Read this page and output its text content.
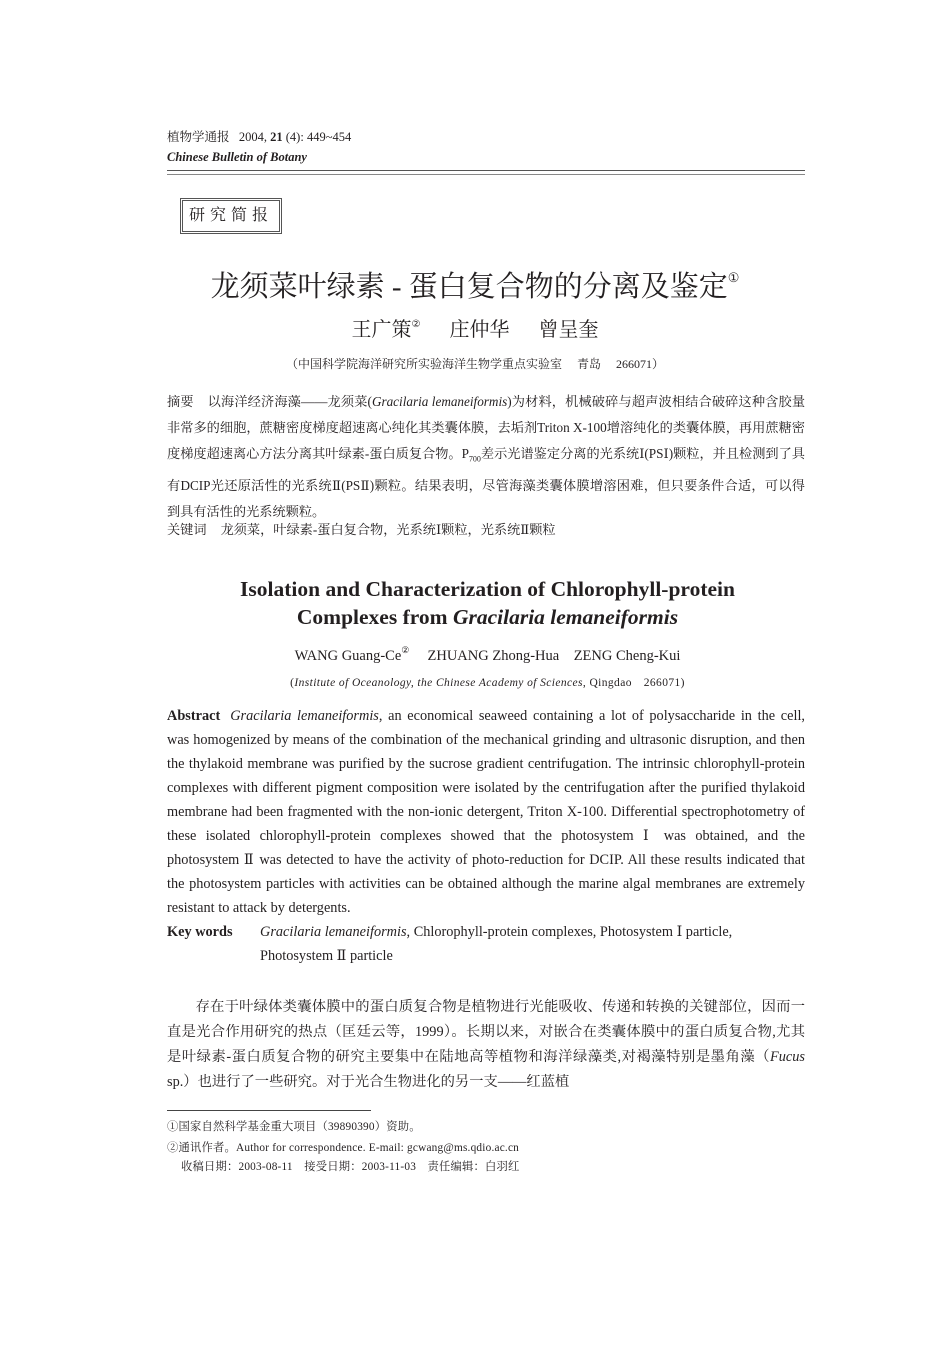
植物学通报 2004, 21 (4): 449~454
Chinese Bulletin of Botany
研究简报
龙须菜叶绿素 - 蛋白复合物的分离及鉴定①
王广策② 庄仲华 曾呈奎
（中国科学院海洋研究所实验海洋生物学重点实验室　 青岛　 266071）
摘要 以海洋经济海藻——龙须菜(Gracilaria lemaneiformis)为材料，机械破碎与超声波相结合破碎这种含胶量非常多的细胞，蔗糖密度梯度超速离心纯化其类囊体膜，去垢剂Triton X-100增溶纯化的类囊体膜，再用蔗糖密度梯度超速离心方法分离其叶绿素-蛋白质复合物。$P_{700}$差示光谱鉴定分离的光系统Ⅰ(PSⅠ)颗粒，并且检测到了具有DCIP光还原活性的光系统Ⅱ(PSⅡ)颗粒。结果表明，尽管海藻类囊体膜增溶困难，但只要条件合适，可以得到具有活性的光系统颗粒。
关键词 龙须菜，叶绿素-蛋白复合物，光系统Ⅰ颗粒，光系统Ⅱ颗粒
Isolation and Characterization of Chlorophyll-protein
Complexes from Gracilaria lemaneiformis
WANG Guang-Ce② ZHUANG Zhong-Hua ZENG Cheng-Kui
(Institute of Oceanology, the Chinese Academy of Sciences, Qingdao　266071)
Abstract Gracilaria lemaneiformis, an economical seaweed containing a lot of polysaccharide in the cell, was homogenized by means of the combination of the mechanical grinding and ultrasonic disruption, and then the thylakoid membrane was purified by the sucrose gradient centrifugation. The intrinsic chlorophyll-protein complexes with different pigment composition were isolated by the centrifugation after the purified thylakoid membrane had been fragmented with the non-ionic detergent, Triton X-100. Differential spectrophotometry of these isolated chlorophyll-protein complexes showed that the photosystem Ⅰ was obtained, and the photosystem Ⅱ was detected to have the activity of photo-reduction for DCIP. All these results indicated that the photosystem particles with activities can be obtained although the marine algal membranes are extremely resistant to attack by detergents.
Key words	Gracilaria lemaneiformis, Chlorophyll-protein complexes, Photosystem Ⅰ particle, Photosystem Ⅱ particle
存在于叶绿体类囊体膜中的蛋白质复合物是植物进行光能吸收、传递和转换的关键部位，因而一直是光合作用研究的热点（匡廷云等，1999）。长期以来，对嵌合在类囊体膜中的蛋白质复合物,尤其是叶绿素-蛋白质复合物的研究主要集中在陆地高等植物和海洋绿藻类,对褐藻特别是墨角藻（Fucus sp.）也进行了一些研究。对于光合生物进化的另一支——红蓝植
①国家自然科学基金重大项目（39890390）资助。
②通讯作者。Author for correspondence. E-mail: gcwang@ms.qdio.ac.cn
收稿日期：2003-08-11　接受日期：2003-11-03　责任编辑：白羽红
